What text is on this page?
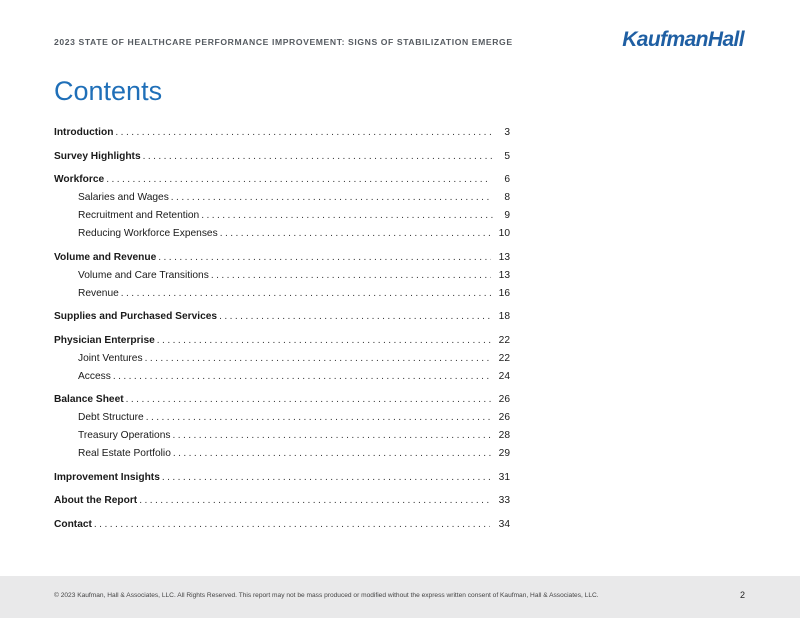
2023 STATE OF HEALTHCARE PERFORMANCE IMPROVEMENT: SIGNS OF STABILIZATION EMERGE	KaufmanHall
Contents
Introduction . . .	3
Survey Highlights . . .	5
Workforce . . .	6
Salaries and Wages . . .	8
Recruitment and Retention . . .	9
Reducing Workforce Expenses . . .	10
Volume and Revenue . . .	13
Volume and Care Transitions . . .	13
Revenue . . .	16
Supplies and Purchased Services . . .	18
Physician Enterprise . . .	22
Joint Ventures . . .	22
Access . . .	24
Balance Sheet . . .	26
Debt Structure . . .	26
Treasury Operations . . .	28
Real Estate Portfolio . . .	29
Improvement Insights . . .	31
About the Report . . .	33
Contact . . .	34
© 2023 Kaufman, Hall & Associates, LLC. All Rights Reserved. This report may not be mass produced or modified without the express written consent of Kaufman, Hall & Associates, LLC.	2
